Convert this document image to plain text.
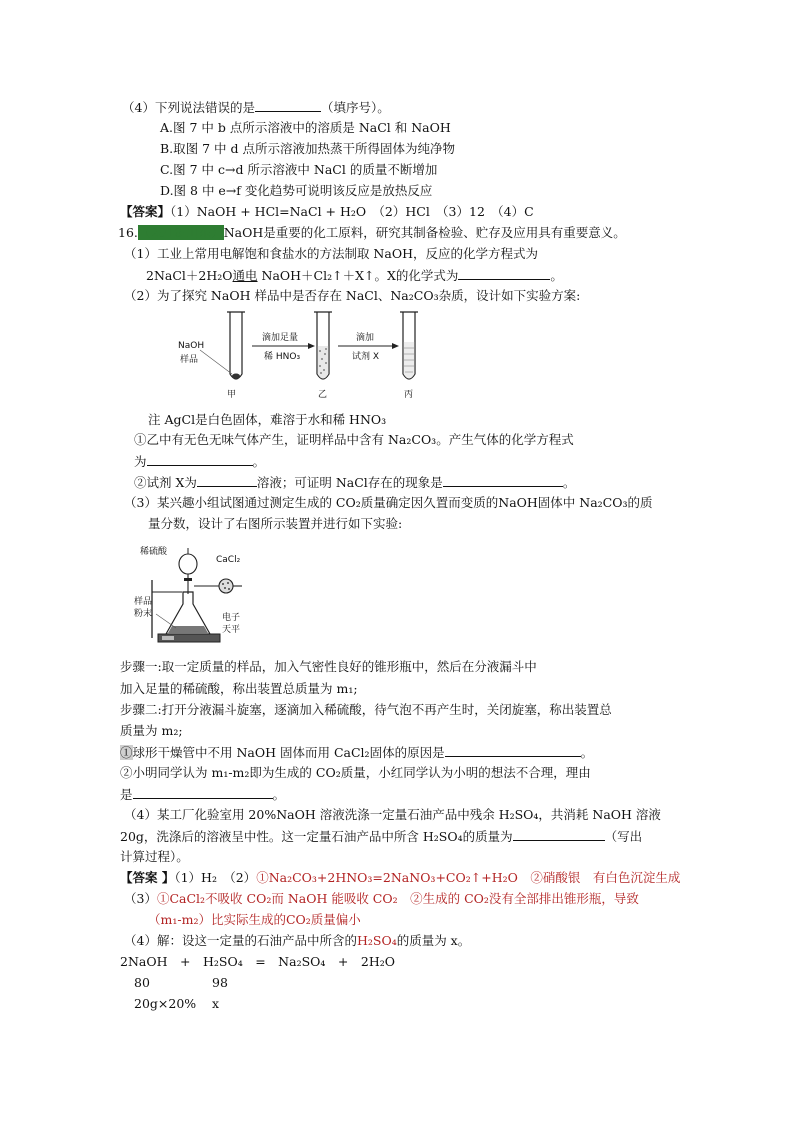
（4）下列说法错误的是	（填序号）。
A.图 7 中 b 点所示溶液中的溶质是 NaCl 和 NaOH
B.取图 7 中 d 点所示溶液加热蒸干所得固体为纯净物
C.图 7 中 c→d 所示溶液中 NaCl 的质量不断增加
D.图 8 中 e→f 变化趋势可说明该反应是放热反应
【答案】（1）NaOH + HCl=NaCl + H₂O　（2）HCl　（3）12　（4）C
16.（2018·山东）NaOH是重要的化工原料，研究其制备检验、贮存及应用具有重要意义。
（1）工业上常用电解饱和食盐水的方法制取 NaOH，反应的化学方程式为
2NaCl＋2H₂O通电 NaOH＋Cl₂↑＋X↑。X的化学式为	。
（2）为了探究 NaOH 样品中是否存在 NaCl、Na₂CO₃杂质，设计如下实验方案:
NaOH
样品
甲
滴加足量
稀 HNO₃
乙
滴加
试剂 X
丙
注 AgCl是白色固体，难溶于水和稀 HNO₃
①乙中有无色无味气体产生，证明样品中含有 Na₂CO₃。产生气体的化学方程式
为	。
②试剂 X为	溶液；可证明 NaCl存在的现象是	。
（3）某兴趣小组试图通过测定生成的 CO₂质量确定因久置而变质的NaOH固体中 Na₂CO₃的质
量分数，设计了右图所示装置并进行如下实验:
稀硫酸
CaCl₂
样品
粉末	电子
天平
步骤一:取一定质量的样品，加入气密性良好的锥形瓶中，然后在分液漏斗中
加入足量的稀硫酸，称出装置总质量为 m₁;
步骤二:打开分液漏斗旋塞，逐滴加入稀硫酸，待气泡不再产生时，关闭旋塞，称出装置总
质量为 m₂;
①球形干燥管中不用 NaOH 固体而用 CaCl₂固体的原因是	。
②小明同学认为 m₁-m₂即为生成的 CO₂质量，小红同学认为小明的想法不合理，理由
是	。
（4）某工厂化验室用 20%NaOH 溶液洗涤一定量石油产品中残余 H₂SO₄，共消耗 NaOH 溶液
20g，洗涤后的溶液呈中性。这一定量石油产品中所含 H₂SO₄的质量为	（写出
计算过程）。
【答案 】（1）H₂　（2）①Na₂CO₃+2HNO₃=2NaNO₃+CO₂↑+H₂O　②硝酸银　有白色沉淀生成
（3）①CaCl₂不吸收 CO₂而 NaOH 能吸收 CO₂　②生成的 CO₂没有全部排出锥形瓶，导致
（m₁-m₂）比实际生成的CO₂质量偏小
（4）解：设这一定量的石油产品中所含的H₂SO₄的质量为 x。
2NaOH　+　H₂SO₄　=　Na₂SO₄　+　2H₂O
80	98
20g×20% x
